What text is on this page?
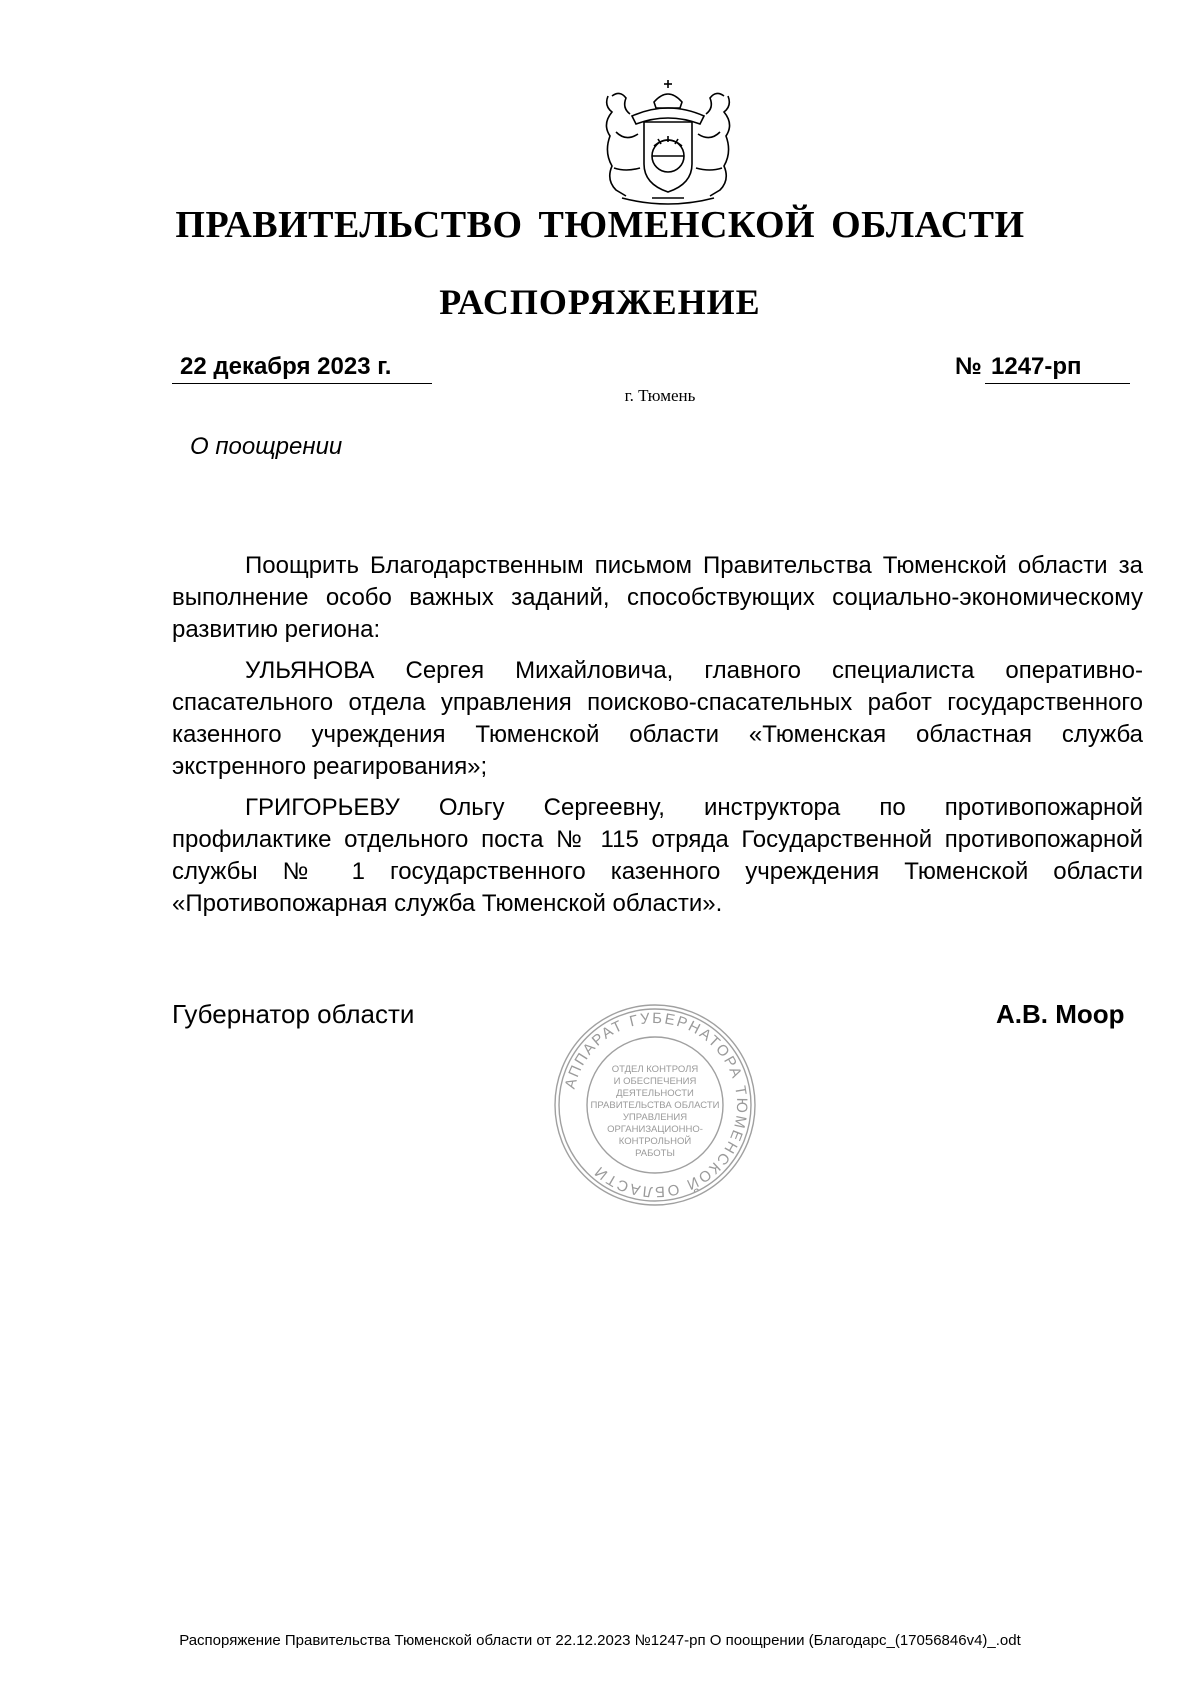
ПРАВИТЕЛЬСТВО ТЮМЕНСКОЙ ОБЛАСТИ
РАСПОРЯЖЕНИЕ
22 декабря 2023 г.	№ 1247-рп
г. Тюмень
О поощрении

Поощрить Благодарственным письмом Правительства Тюменской области за выполнение особо важных заданий, способствующих социально-экономическому развитию региона:

УЛЬЯНОВА Сергея Михайловича, главного специалиста оперативно-спасательного отдела управления поисково-спасательных работ государственного казенного учреждения Тюменской области «Тюменская областная служба экстренного реагирования»;

ГРИГОРЬЕВУ Ольгу Сергеевну, инструктора по противопожарной профилактике отдельного поста № 115 отряда Государственной противопожарной службы № 1 государственного казенного учреждения Тюменской области «Противопожарная служба Тюменской области».

Губернатор области	А.В. Моор
АППАРАТ ГУБЕРНАТОРА ТЮМЕНСКОЙ ОБЛАСТИ
ОТДЕЛ КОНТРОЛЯ
И ОБЕСПЕЧЕНИЯ
ДЕЯТЕЛЬНОСТИ
ПРАВИТЕЛЬСТВА ОБЛАСТИ
УПРАВЛЕНИЯ
ОРГАНИЗАЦИОННО-
КОНТРОЛЬНОЙ
РАБОТЫ
Распоряжение Правительства Тюменской области от 22.12.2023 №1247-рп О поощрении (Благодарс_(17056846v4)_.odt
